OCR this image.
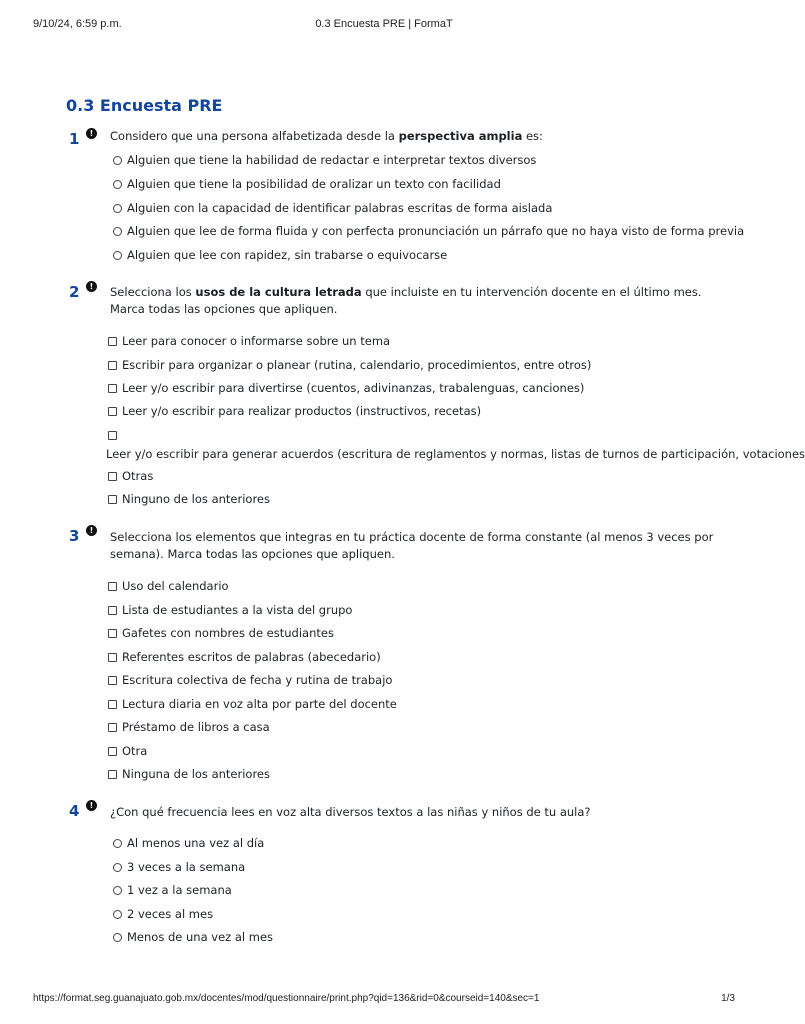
9/10/24, 6:59 p.m.	0.3 Encuesta PRE | FormaT
0.3 Encuesta PRE
1	!	Considero que una persona alfabetizada desde la perspectiva amplia es:
Alguien que tiene la habilidad de redactar e interpretar textos diversos
Alguien que tiene la posibilidad de oralizar un texto con facilidad
Alguien con la capacidad de identificar palabras escritas de forma aislada
Alguien que lee de forma fluida y con perfecta pronunciación un párrafo que no haya visto de forma previa
Alguien que lee con rapidez, sin trabarse o equivocarse
2	!	Selecciona los usos de la cultura letrada que incluiste en tu intervención docente en el último mes. Marca todas las opciones que apliquen.
Leer para conocer o informarse sobre un tema
Escribir para organizar o planear (rutina, calendario, procedimientos, entre otros)
Leer y/o escribir para divertirse (cuentos, adivinanzas, trabalenguas, canciones)
Leer y/o escribir para realizar productos (instructivos, recetas)
Leer y/o escribir para generar acuerdos (escritura de reglamentos y normas, listas de turnos de participación, votaciones
Otras
Ninguno de los anteriores
3	!	Selecciona los elementos que integras en tu práctica docente de forma constante (al menos 3 veces por semana). Marca todas las opciones que apliquen.
Uso del calendario
Lista de estudiantes a la vista del grupo
Gafetes con nombres de estudiantes
Referentes escritos de palabras (abecedario)
Escritura colectiva de fecha y rutina de trabajo
Lectura diaria en voz alta por parte del docente
Préstamo de libros a casa
Otra
Ninguna de los anteriores
4	!	¿Con qué frecuencia lees en voz alta diversos textos a las niñas y niños de tu aula?
Al menos una vez al día
3 veces a la semana
1 vez a la semana
2 veces al mes
Menos de una vez al mes
https://format.seg.guanajuato.gob.mx/docentes/mod/questionnaire/print.php?qid=136&rid=0&courseid=140&sec=1	1/3
